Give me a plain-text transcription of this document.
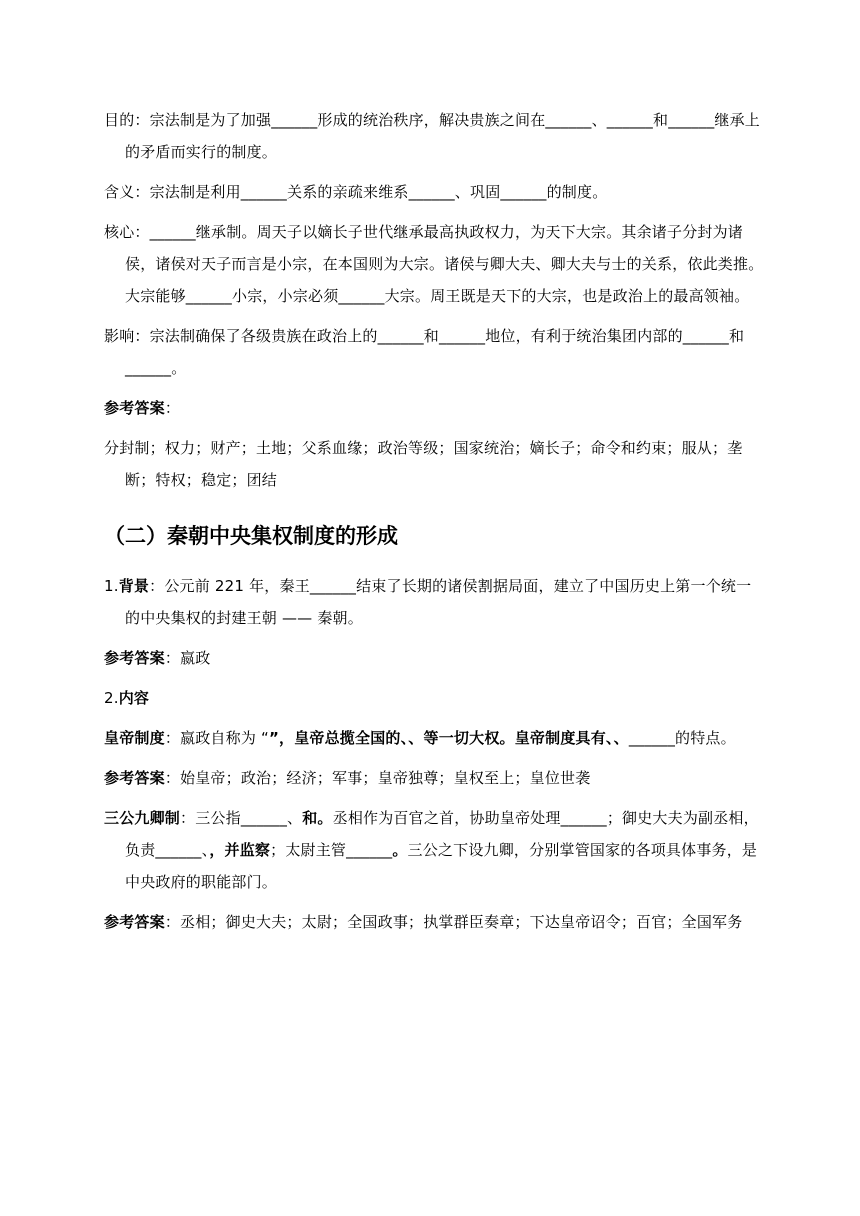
目的：宗法制是为了加强______形成的统治秩序，解决贵族之间在______、______和______继承上的矛盾而实行的制度。

含义：宗法制是利用______关系的亲疏来维系______、巩固______的制度。

核心：______继承制。周天子以嫡长子世代继承最高执政权力，为天下大宗。其余诸子分封为诸侯，诸侯对天子而言是小宗，在本国则为大宗。诸侯与卿大夫、卿大夫与士的关系，依此类推。大宗能够______小宗，小宗必须______大宗。周王既是天下的大宗，也是政治上的最高领袖。

影响：宗法制确保了各级贵族在政治上的______和______地位，有利于统治集团内部的______和______。

参考答案：

分封制；权力；财产；土地；父系血缘；政治等级；国家统治；嫡长子；命令和约束；服从；垄断；特权；稳定；团结

（二）秦朝中央集权制度的形成

1.背景：公元前 221 年，秦王______结束了长期的诸侯割据局面，建立了中国历史上第一个统一的中央集权的封建王朝 —— 秦朝。

参考答案：嬴政

2.内容

皇帝制度：嬴政自称为 “”，皇帝总揽全国的、、等一切大权。皇帝制度具有、、______的特点。

参考答案：始皇帝；政治；经济；军事；皇帝独尊；皇权至上；皇位世袭

三公九卿制：三公指______、和。丞相作为百官之首，协助皇帝处理______；御史大夫为副丞相，负责______、，并监察；太尉主管______。三公之下设九卿，分别掌管国家的各项具体事务，是中央政府的职能部门。

参考答案：丞相；御史大夫；太尉；全国政事；执掌群臣奏章；下达皇帝诏令；百官；全国军务
